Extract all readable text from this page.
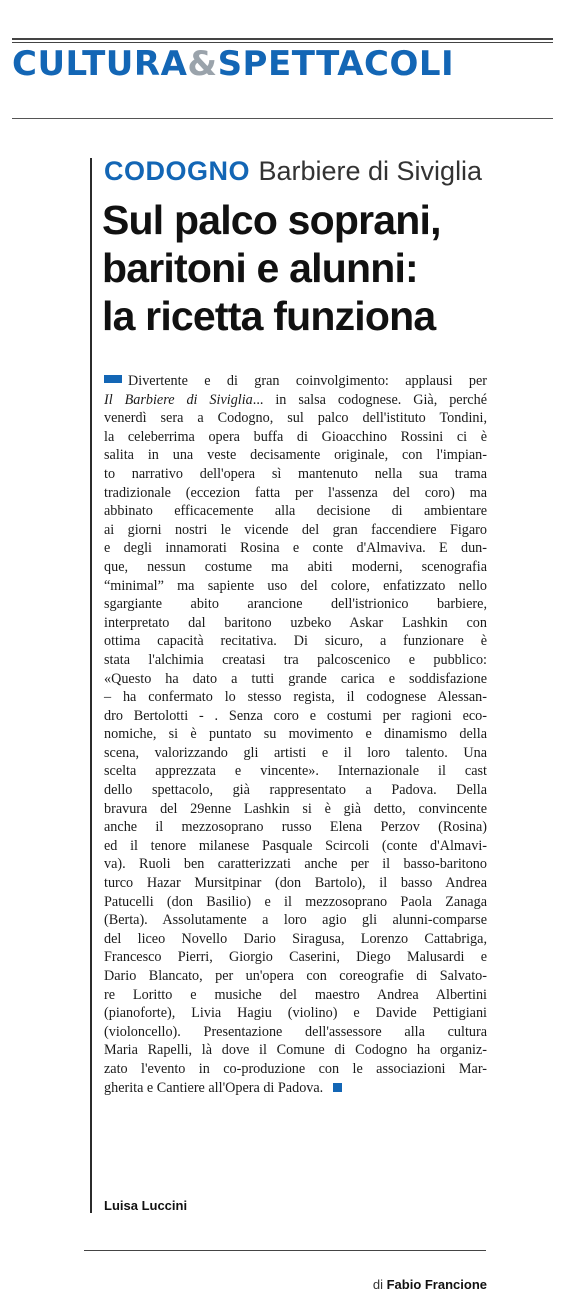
CULTURA&SPETTACOLI
CODOGNO Barbiere di Siviglia
Sul palco soprani,
baritoni e alunni:
la ricetta funziona
Divertente e di gran coinvolgimento: applausi per
Il Barbiere di Siviglia... in salsa codognese. Già, perché
venerdì sera a Codogno, sul palco dell'istituto Tondini,
la celeberrima opera buffa di Gioacchino Rossini ci è
salita in una veste decisamente originale, con l'impian-
to narrativo dell'opera sì mantenuto nella sua trama
tradizionale (eccezion fatta per l'assenza del coro) ma
abbinato efficacemente alla decisione di ambientare
ai giorni nostri le vicende del gran faccendiere Figaro
e degli innamorati Rosina e conte d'Almaviva. E dun-
que, nessun costume ma abiti moderni, scenografia
“minimal” ma sapiente uso del colore, enfatizzato nello
sgargiante abito arancione dell'istrionico barbiere,
interpretato dal baritono uzbeko Askar Lashkin con
ottima capacità recitativa. Di sicuro, a funzionare è
stata l'alchimia creatasi tra palcoscenico e pubblico:
«Questo ha dato a tutti grande carica e soddisfazione
– ha confermato lo stesso regista, il codognese Alessan-
dro Bertolotti - . Senza coro e costumi per ragioni eco-
nomiche, si è puntato su movimento e dinamismo della
scena, valorizzando gli artisti e il loro talento. Una
scelta apprezzata e vincente». Internazionale il cast
dello spettacolo, già rappresentato a Padova. Della
bravura del 29enne Lashkin si è già detto, convincente
anche il mezzosoprano russo Elena Perzov (Rosina)
ed il tenore milanese Pasquale Scircoli (conte d'Almavi-
va). Ruoli ben caratterizzati anche per il basso-baritono
turco Hazar Mursitpinar (don Bartolo), il basso Andrea
Patucelli (don Basilio) e il mezzosoprano Paola Zanaga
(Berta). Assolutamente a loro agio gli alunni-comparse
del liceo Novello Dario Siragusa, Lorenzo Cattabriga,
Francesco Pierri, Giorgio Caserini, Diego Malusardi e
Dario Blancato, per un'opera con coreografie di Salvato-
re Loritto e musiche del maestro Andrea Albertini
(pianoforte), Livia Hagiu (violino) e Davide Pettigiani
(violoncello). Presentazione dell'assessore alla cultura
Maria Rapelli, là dove il Comune di Codogno ha organiz-
zato l'evento in co-produzione con le associazioni Mar-
gherita e Cantiere all'Opera di Padova.
Luisa Luccini
di Fabio Francione
